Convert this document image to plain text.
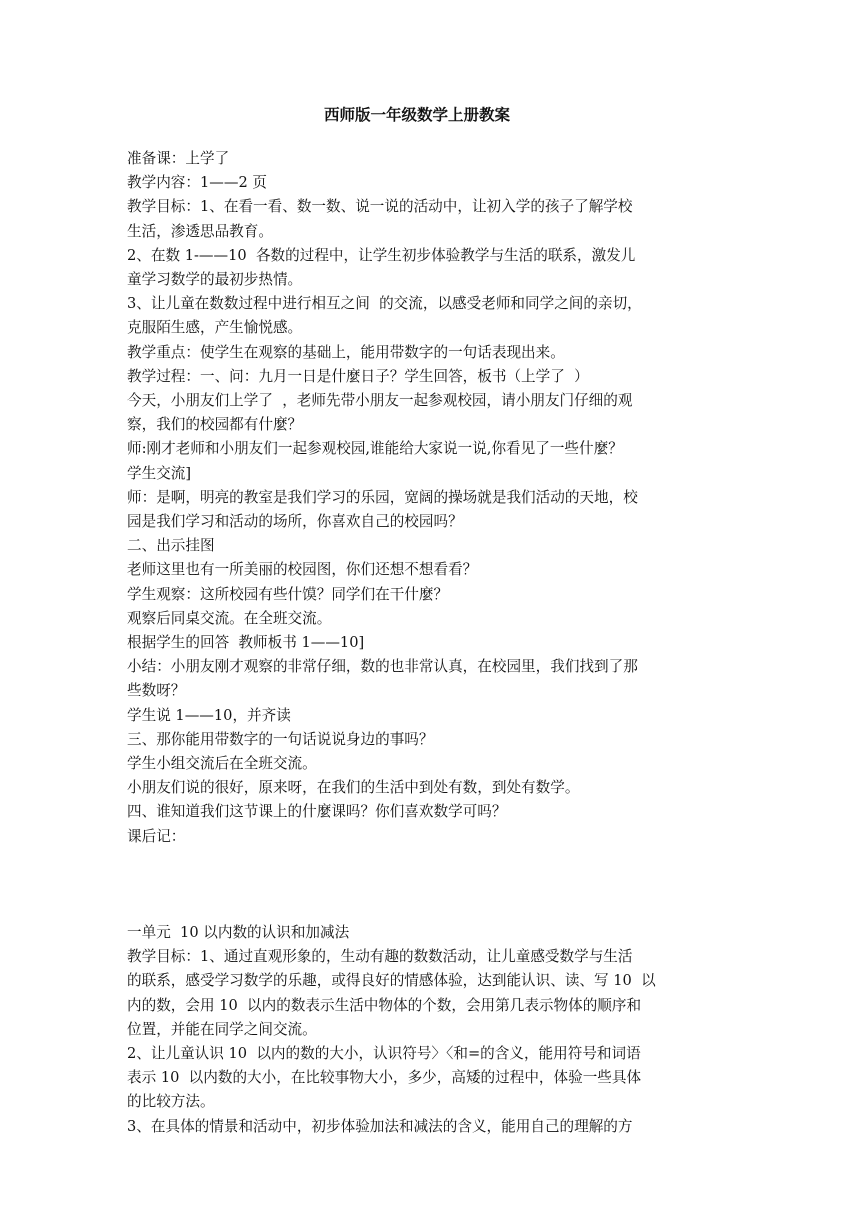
西师版一年级数学上册教案
准备课：上学了
教学内容：1——2 页
教学目标：1、在看一看、数一数、说一说的活动中，让初入学的孩子了解学校
生活，渗透思品教育。
2、在数 1-——10  各数的过程中，让学生初步体验教学与生活的联系，激发儿
童学习数学的最初步热情。
3、让儿童在数数过程中进行相互之间  的交流，以感受老师和同学之间的亲切，
克服陌生感，产生愉悦感。
教学重点：使学生在观察的基础上，能用带数字的一句话表现出来。
教学过程：一、问：九月一日是什麼日子？学生回答，板书（上学了  ）
今天，小朋友们上学了  ，老师先带小朋友一起参观校园，请小朋友门仔细的观
察，我们的校园都有什麼？
师:刚才老师和小朋友们一起参观校园,谁能给大家说一说,你看见了一些什麼？
学生交流]
师：是啊，明亮的教室是我们学习的乐园，宽阔的操场就是我们活动的天地，校
园是我们学习和活动的场所，你喜欢自己的校园吗？
二、出示挂图
老师这里也有一所美丽的校园图，你们还想不想看看？
学生观察：这所校园有些什馍？同学们在干什麼？
观察后同桌交流。在全班交流。
根据学生的回答  教师板书 1——10]
小结：小朋友刚才观察的非常仔细，数的也非常认真，在校园里，我们找到了那
些数呀？
学生说 1——10，并齐读
三、那你能用带数字的一句话说说身边的事吗？
学生小组交流后在全班交流。
小朋友们说的很好，原来呀，在我们的生活中到处有数，到处有数学。
四、谁知道我们这节课上的什麼课吗？你们喜欢数学可吗？
课后记：
一单元  10 以内数的认识和加减法
教学目标：1、通过直观形象的，生动有趣的数数活动，让儿童感受数学与生活
的联系，感受学习数学的乐趣，或得良好的情感体验，达到能认识、读、写 10  以
内的数，会用 10  以内的数表示生活中物体的个数，会用第几表示物体的顺序和
位置，并能在同学之间交流。
2、让儿童认识 10  以内的数的大小，认识符号〉〈和=的含义，能用符号和词语
表示 10  以内数的大小，在比较事物大小，多少，高矮的过程中，体验一些具体
的比较方法。
3、在具体的情景和活动中，初步体验加法和减法的含义，能用自己的理解的方
